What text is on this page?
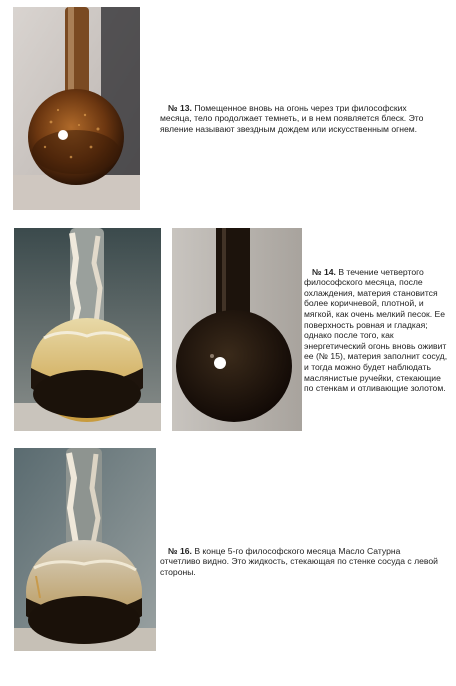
№ 13. Помещенное вновь на огонь через три философских месяца, тело продолжает темнеть, и в нем появляется блеск. Это явление называют звездным дождем или искусственным огнем.

№ 14. В течение четвертого философского месяца, после охлаждения, материя становится более коричневой, плотной, и мягкой, как очень мелкий песок. Ее поверхность ровная и гладкая; однако после того, как энергетический огонь вновь оживит ее (№ 15), материя заполнит сосуд, и тогда можно будет наблюдать маслянистые ручейки, стекающие по стенкам и отливающие золотом.

№ 16. В конце 5-го философского месяца Масло Сатурна отчетливо видно. Это жидкость, стекающая по стенке сосуда с левой стороны.
